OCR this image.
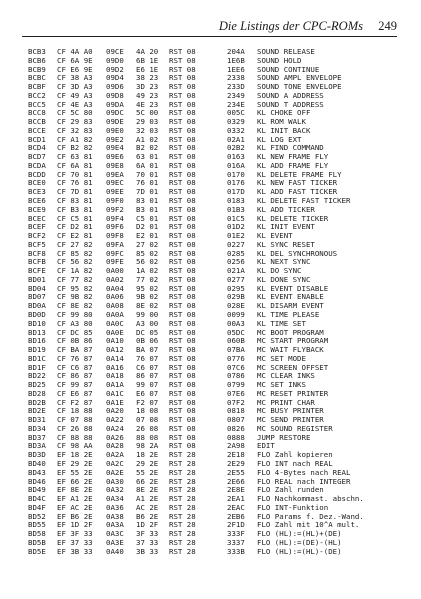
Die Listings der CPC-ROMs 249
BCB3 CF 4A A0 09CE 4A 20 RST 08	204A SOUND RELEASE
BCB6 CF 6A 9E 09D0 6B 1E RST 08	1E6B SOUND HOLD
BCB9 CF E6 9E 09D2 E6 1E RST 08	1EE6 SOUND CONTINUE
BCBC CF 38 A3 09D4 38 23 RST 08	2338 SOUND AMPL ENVELOPE
BCBF CF 3D A3 09D6 3D 23 RST 08	233D SOUND TONE ENVELOPE
BCC2 CF 49 A3 09D8 49 23 RST 08	2349 SOUND A ADDRESS
BCC5 CF 4E A3 09DA 4E 23 RST 08	234E SOUND T ADDRESS
BCC8 CF 5C 80 09DC 5C 00 RST 08	005C KL CHOKE OFF
BCCB CF 29 83 09DE 29 03 RST 08	0329 KL ROM WALK
BCCE CF 32 83 09E0 32 03 RST 08	0332 KL INIT BACK
BCD1 CF A1 82 09E2 A1 02 RST 08	02A1 KL LOG EXT
BCD4 CF B2 82 09E4 B2 02 RST 08	02B2 KL FIND COMMAND
BCD7 CF 63 81 09E6 63 01 RST 08	0163 KL NEW FRAME FLY
BCDA CF 6A 81 09E8 6A 01 RST 08	016A KL ADD FRAME FLY
BCDD CF 70 81 09EA 70 01 RST 08	0170 KL DELETE FRAME FLY
BCE0 CF 76 81 09EC 76 01 RST 08	0176 KL NEW FAST TICKER
BCE3 CF 7D 81 09EE 7D 01 RST 08	017D KL ADD FAST TICKER
BCE6 CF 83 81 09F0 83 01 RST 08	0183 KL DELETE FAST TICKER
BCE9 CF B3 81 09F2 B3 01 RST 08	01B3 KL ADD TICKER
BCEC CF C5 81 09F4 C5 01 RST 08	01C5 KL DELETE TICKER
BCEF CF D2 81 09F6 D2 01 RST 08	01D2 KL INIT EVENT
BCF2 CF E2 81 09F8 E2 01 RST 08	01E2 KL EVENT
BCF5 CF 27 82 09FA 27 02 RST 08	0227 KL SYNC RESET
BCF8 CF 85 82 09FC 85 02 RST 08	0285 KL DEL SYNCHRONOUS
BCFB CF 56 82 09FE 56 02 RST 08	0256 KL NEXT SYNC
BCFE CF 1A 82 0A00 1A 02 RST 08	021A KL DO SYNC
BD01 CF 77 82 0A02 77 02 RST 08	0277 KL DONE SYNC
BD04 CF 95 82 0A04 95 02 RST 08	0295 KL EVENT DISABLE
BD07 CF 9B 82 0A06 9B 02 RST 08	029B KL EVENT ENABLE
BD0A CF 8E 82 0A08 8E 02 RST 08	028E KL DISARM EVENT
BD0D CF 99 80 0A0A 99 00 RST 08	0099 KL TIME PLEASE
BD10 CF A3 80 0A0C A3 00 RST 08	00A3 KL TIME SET
BD13 CF DC 85 0A0E DC 05 RST 08	05DC MC BOOT PROGRAM
BD16 CF 0B 86 0A10 0B 06 RST 08	060B MC START PROGRAM
BD19 CF BA 87 0A12 BA 07 RST 08	07BA MC WAIT FLYBACK
BD1C CF 76 87 0A14 76 07 RST 08	0776 MC SET MODE
BD1F CF C6 87 0A16 C6 07 RST 08	07C6 MC SCREEN OFFSET
BD22 CF 86 87 0A18 86 07 RST 08	0786 MC CLEAR INKS
BD25 CF 99 87 0A1A 99 07 RST 08	0799 MC SET INKS
BD28 CF E6 87 0A1C E6 07 RST 08	07E6 MC RESET PRINTER
BD2B CF F2 87 0A1E F2 07 RST 08	07F2 MC PRINT CHAR
BD2E CF 18 88 0A20 18 08 RST 08	0818 MC BUSY PRINTER
BD31 CF 07 88 0A22 07 08 RST 08	0807 MC SEND PRINTER
BD34 CF 26 88 0A24 26 08 RST 08	0826 MC SOUND REGISTER
BD37 CF 88 88 0A26 88 08 RST 08	0888 JUMP RESTORE
BD3A CF 98 AA 0A28 98 2A RST 08	2A98 EDIT
BD3D EF 18 2E 0A2A 18 2E RST 28	2E18 FLO Zahl kopieren
BD40 EF 29 2E 0A2C 29 2E RST 28	2E29 FLO INT nach REAL
BD43 EF 55 2E 0A2E 55 2E RST 28	2E55 FLO 4-Bytes nach REAL
BD46 EF 66 2E 0A30 66 2E RST 28	2E66 FLO REAL nach INTEGER
BD49 EF 8E 2E 0A32 8E 2E RST 28	2E8E FLO Zahl runden
BD4C EF A1 2E 0A34 A1 2E RST 28	2EA1 FLO Nachkommast. abschn.
BD4F EF AC 2E 0A36 AC 2E RST 28	2EAC FLO INT-Funktion
BD52 EF B6 2E 0A38 B6 2E RST 28	2EB6 FLO Params f. Dez.-Wand.
BD55 EF 1D 2F 0A3A 1D 2F RST 28	2F1D FLO Zahl mit 10^A mult.
BD58 EF 3F 33 0A3C 3F 33 RST 28	333F FLO (HL):=(HL)+(DE)
BD5B EF 37 33 0A3E 37 33 RST 28	3337 FLO (HL):=(DE)-(HL)
BD5E EF 3B 33 0A40 3B 33 RST 28	333B FLO (HL):=(HL)-(DE)
